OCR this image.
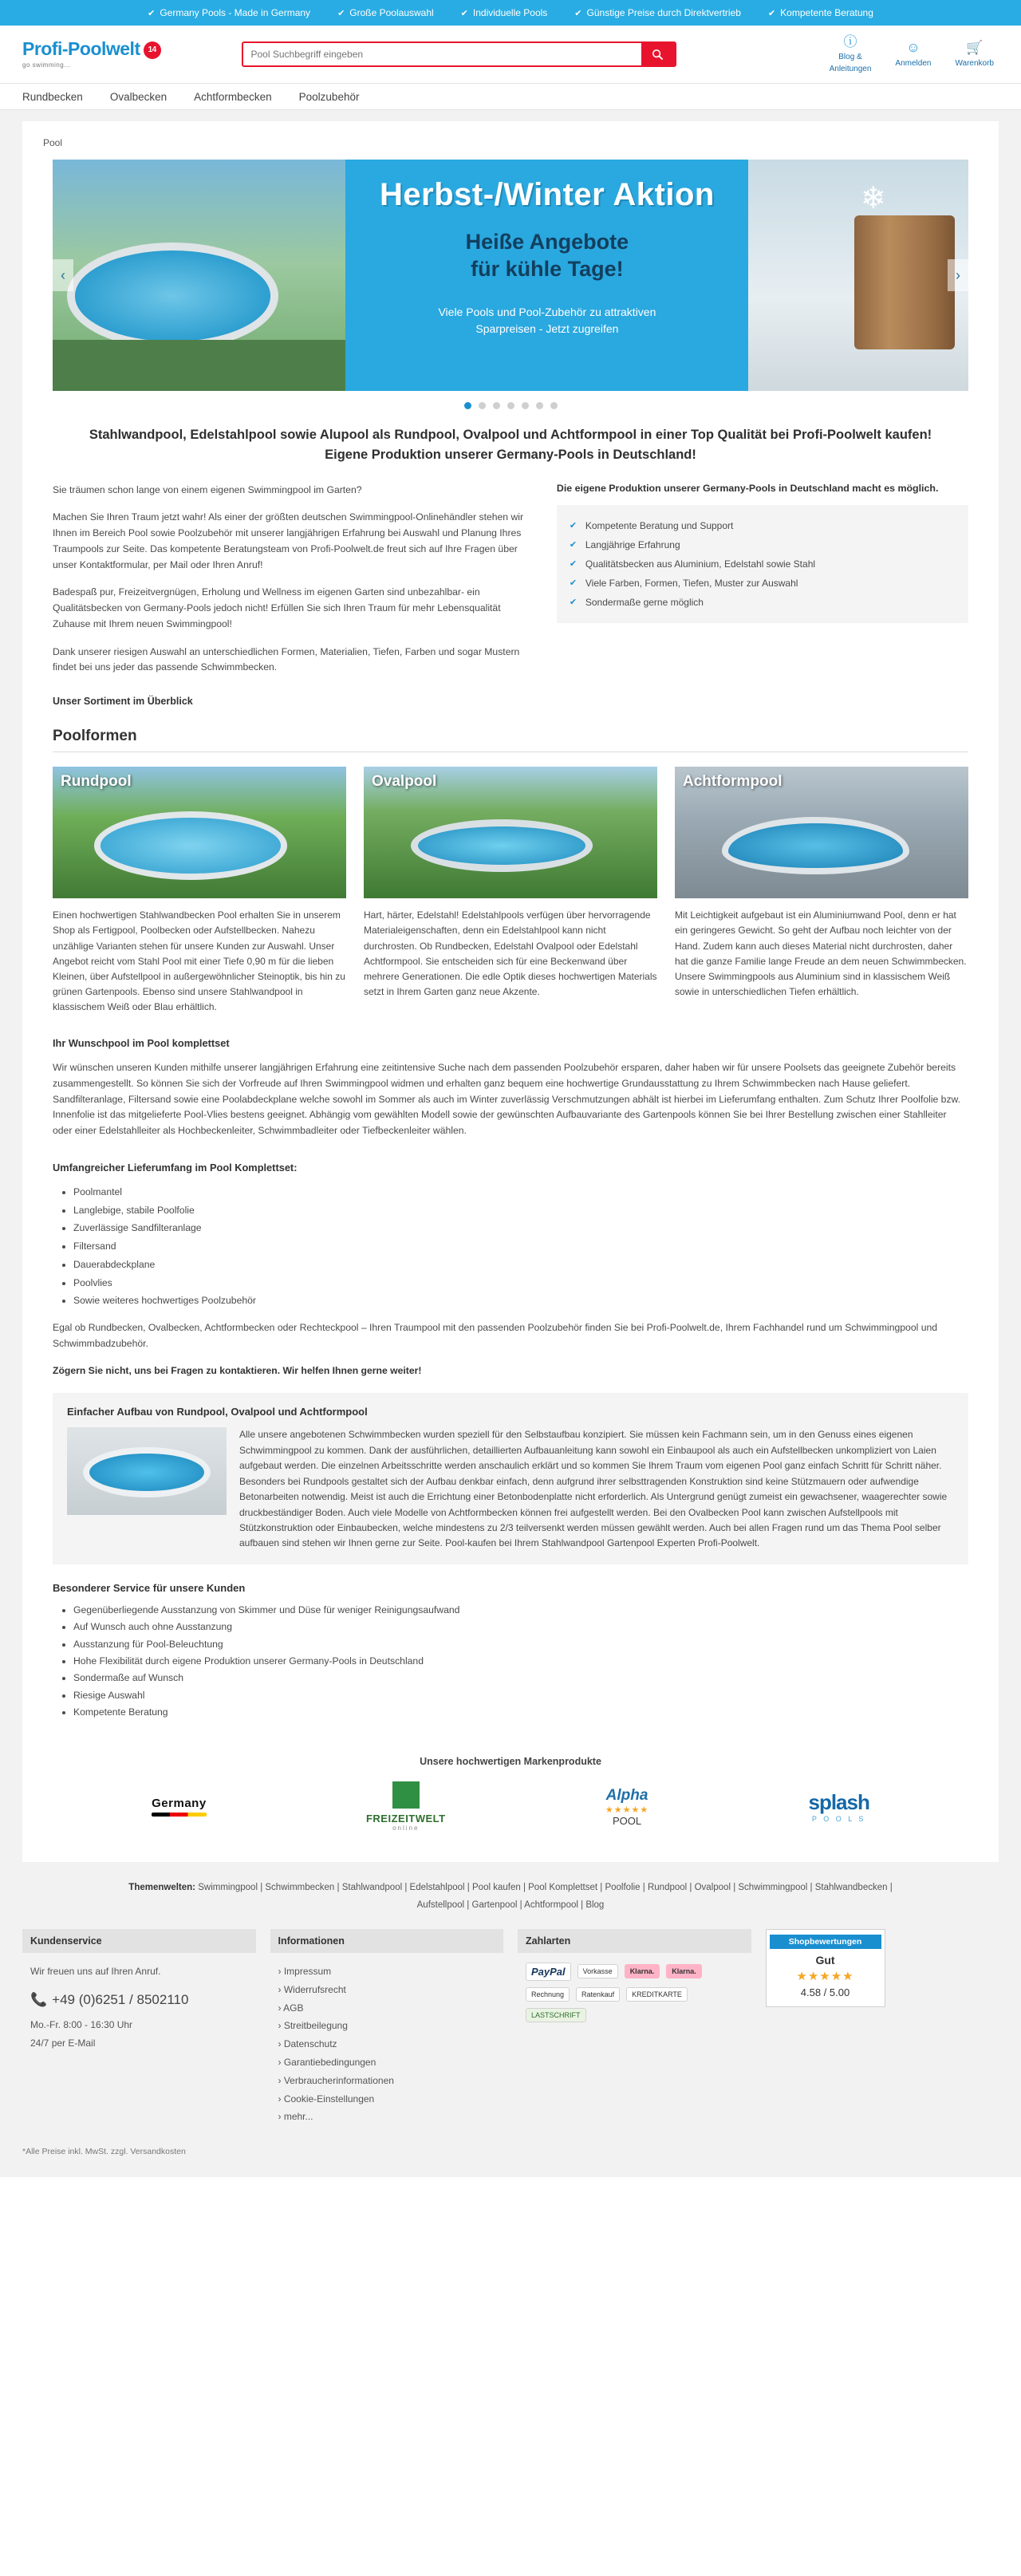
✔ Germany Pools - Made in Germany	✔ Große Poolauswahl	✔ Individuelle Pools	✔ Günstige Preise durch Direktvertrieb	✔ Kompetente Beratung
Profi-Poolwelt 14
go swimming...
Pool Suchbegriff eingeben
ⓘ
Blog &
Anleitungen
☺
Anmelden
🛒
Warenkorb
Rundbecken	Ovalbecken	Achtformbecken	Poolzubehör
Pool
Herbst-/Winter Aktion
Heiße Angebote
für kühle Tage!
Viele Pools und Pool-Zubehör zu attraktiven
Sparpreisen - Jetzt zugreifen
❄
‹	›
Stahlwandpool, Edelstahlpool sowie Alupool als Rundpool, Ovalpool und Achtformpool in einer Top Qualität bei Profi-Poolwelt kaufen! Eigene Produktion unserer Germany-Pools in Deutschland!

Sie träumen schon lange von einem eigenen Swimmingpool im Garten?

Machen Sie Ihren Traum jetzt wahr! Als einer der größten deutschen Swimmingpool-Onlinehändler stehen wir Ihnen im Bereich Pool sowie Poolzubehör mit unserer langjährigen Erfahrung bei Auswahl und Planung Ihres Traumpools zur Seite. Das kompetente Beratungsteam von Profi-Poolwelt.de freut sich auf Ihre Fragen über unser Kontaktformular, per Mail oder Ihren Anruf!

Badespaß pur, Freizeitvergnügen, Erholung und Wellness im eigenen Garten sind unbezahlbar- ein Qualitätsbecken von Germany-Pools jedoch nicht! Erfüllen Sie sich Ihren Traum für mehr Lebensqualität Zuhause mit Ihrem neuen Swimmingpool!

Dank unserer riesigen Auswahl an unterschiedlichen Formen, Materialien, Tiefen, Farben und sogar Mustern findet bei uns jeder das passende Schwimmbecken.

Die eigene Produktion unserer Germany-Pools in Deutschland macht es möglich.
✔ Kompetente Beratung und Support
✔ Langjährige Erfahrung
✔ Qualitätsbecken aus Aluminium, Edelstahl sowie Stahl
✔ Viele Farben, Formen, Tiefen, Muster zur Auswahl
✔ Sondermaße gerne möglich
Unser Sortiment im Überblick
Poolformen
Rundpool

Einen hochwertigen Stahlwandbecken Pool erhalten Sie in unserem Shop als Fertigpool, Poolbecken oder Aufstellbecken. Nahezu unzählige Varianten stehen für unsere Kunden zur Auswahl. Unser Angebot reicht vom Stahl Pool mit einer Tiefe 0,90 m für die lieben Kleinen, über Aufstellpool in außergewöhnlicher Steinoptik, bis hin zu grünen Gartenpools. Ebenso sind unsere Stahlwandpool in klassischem Weiß oder Blau erhältlich.

Ovalpool

Hart, härter, Edelstahl! Edelstahlpools verfügen über hervorragende Materialeigenschaften, denn ein Edelstahlpool kann nicht durchrosten. Ob Rundbecken, Edelstahl Ovalpool oder Edelstahl Achtformpool. Sie entscheiden sich für eine Beckenwand über mehrere Generationen. Die edle Optik dieses hochwertigen Materials setzt in Ihrem Garten ganz neue Akzente.

Achtformpool

Mit Leichtigkeit aufgebaut ist ein Aluminiumwand Pool, denn er hat ein geringeres Gewicht. So geht der Aufbau noch leichter von der Hand. Zudem kann auch dieses Material nicht durchrosten, daher hat die ganze Familie lange Freude an dem neuen Schwimmbecken. Unsere Swimmingpools aus Aluminium sind in klassischem Weiß sowie in unterschiedlichen Tiefen erhältlich.

Ihr Wunschpool im Pool komplettset

Wir wünschen unseren Kunden mithilfe unserer langjährigen Erfahrung eine zeitintensive Suche nach dem passenden Poolzubehör ersparen, daher haben wir für unsere Poolsets das geeignete Zubehör bereits zusammengestellt. So können Sie sich der Vorfreude auf Ihren Swimmingpool widmen und erhalten ganz bequem eine hochwertige Grundausstattung zu Ihrem Schwimmbecken nach Hause geliefert. Sandfilteranlage, Filtersand sowie eine Poolabdeckplane welche sowohl im Sommer als auch im Winter zuverlässig Verschmutzungen abhält ist hierbei im Lieferumfang enthalten. Zum Schutz Ihrer Poolfolie bzw. Innenfolie ist das mitgelieferte Pool-Vlies bestens geeignet. Abhängig vom gewählten Modell sowie der gewünschten Aufbauvariante des Gartenpools können Sie bei Ihrer Bestellung zwischen einer Stahlleiter oder einer Edelstahlleiter als Hochbeckenleiter, Schwimmbadleiter oder Tiefbeckenleiter wählen.

Umfangreicher Lieferumfang im Pool Komplettset:
• Poolmantel
• Langlebige, stabile Poolfolie
• Zuverlässige Sandfilteranlage
• Filtersand
• Dauerabdeckplane
• Poolvlies
• Sowie weiteres hochwertiges Poolzubehör

Egal ob Rundbecken, Ovalbecken, Achtformbecken oder Rechteckpool – Ihren Traumpool mit den passenden Poolzubehör finden Sie bei Profi-Poolwelt.de, Ihrem Fachhandel rund um Schwimmingpool und Schwimmbadzubehör.

Zögern Sie nicht, uns bei Fragen zu kontaktieren. Wir helfen Ihnen gerne weiter!

Einfacher Aufbau von Rundpool, Ovalpool und Achtformpool

Alle unsere angebotenen Schwimmbecken wurden speziell für den Selbstaufbau konzipiert. Sie müssen kein Fachmann sein, um in den Genuss eines eigenen Schwimmingpool zu kommen. Dank der ausführlichen, detaillierten Aufbauanleitung kann sowohl ein Einbaupool als auch ein Aufstellbecken unkompliziert von Laien aufgebaut werden. Die einzelnen Arbeitsschritte werden anschaulich erklärt und so kommen Sie Ihrem Traum vom eigenen Pool ganz einfach Schritt für Schritt näher. Besonders bei Rundpools gestaltet sich der Aufbau denkbar einfach, denn aufgrund ihrer selbsttragenden Konstruktion sind keine Stützmauern oder aufwendige Betonarbeiten notwendig. Meist ist auch die Errichtung einer Betonbodenplatte nicht erforderlich. Als Untergrund genügt zumeist ein gewachsener, waagerechter sowie druckbeständiger Boden. Auch viele Modelle von Achtformbecken können frei aufgestellt werden. Bei den Ovalbecken Pool kann zwischen Aufstellpools mit Stützkonstruktion oder Einbaubecken, welche mindestens zu 2/3 teilversenkt werden müssen gewählt werden. Auch bei allen Fragen rund um das Thema Pool selber aufbauen sind stehen wir Ihnen gerne zur Seite. Pool-kaufen bei Ihrem Stahlwandpool Gartenpool Experten Profi-Poolwelt.

Besonderer Service für unsere Kunden
• Gegenüberliegende Ausstanzung von Skimmer und Düse für weniger Reinigungsaufwand
• Auf Wunsch auch ohne Ausstanzung
• Ausstanzung für Pool-Beleuchtung
• Hohe Flexibilität durch eigene Produktion unserer Germany-Pools in Deutschland
• Sondermaße auf Wunsch
• Riesige Auswahl
• Kompetente Beratung
Unsere hochwertigen Markenprodukte
Germany
FREIZEITWELT
online
Alpha
★★★★★
POOL
splash
P O O L S
Themenwelten: Swimmingpool | Schwimmbecken | Stahlwandpool | Edelstahlpool | Pool kaufen | Pool Komplettset | Poolfolie | Rundpool | Ovalpool | Schwimmingpool | Stahlwandbecken |
Aufstellpool | Gartenpool | Achtformpool | Blog
Kundenservice
Wir freuen uns auf Ihren Anruf.
📞 +49 (0)6251 / 8502110
Mo.-Fr. 8:00 - 16:30 Uhr
24/7 per E-Mail
Informationen
› Impressum
› Widerrufsrecht
› AGB
› Streitbeilegung
› Datenschutz
› Garantiebedingungen
› Verbraucherinformationen
› Cookie-Einstellungen
› mehr...
Zahlarten
PayPal	Vorkasse	Klarna.	Klarna.
Rechnung	Ratenkauf	KREDITKARTE
LASTSCHRIFT
Shopbewertungen
Gut
★★★★★
4.58 / 5.00
*Alle Preise inkl. MwSt. zzgl. Versandkosten
